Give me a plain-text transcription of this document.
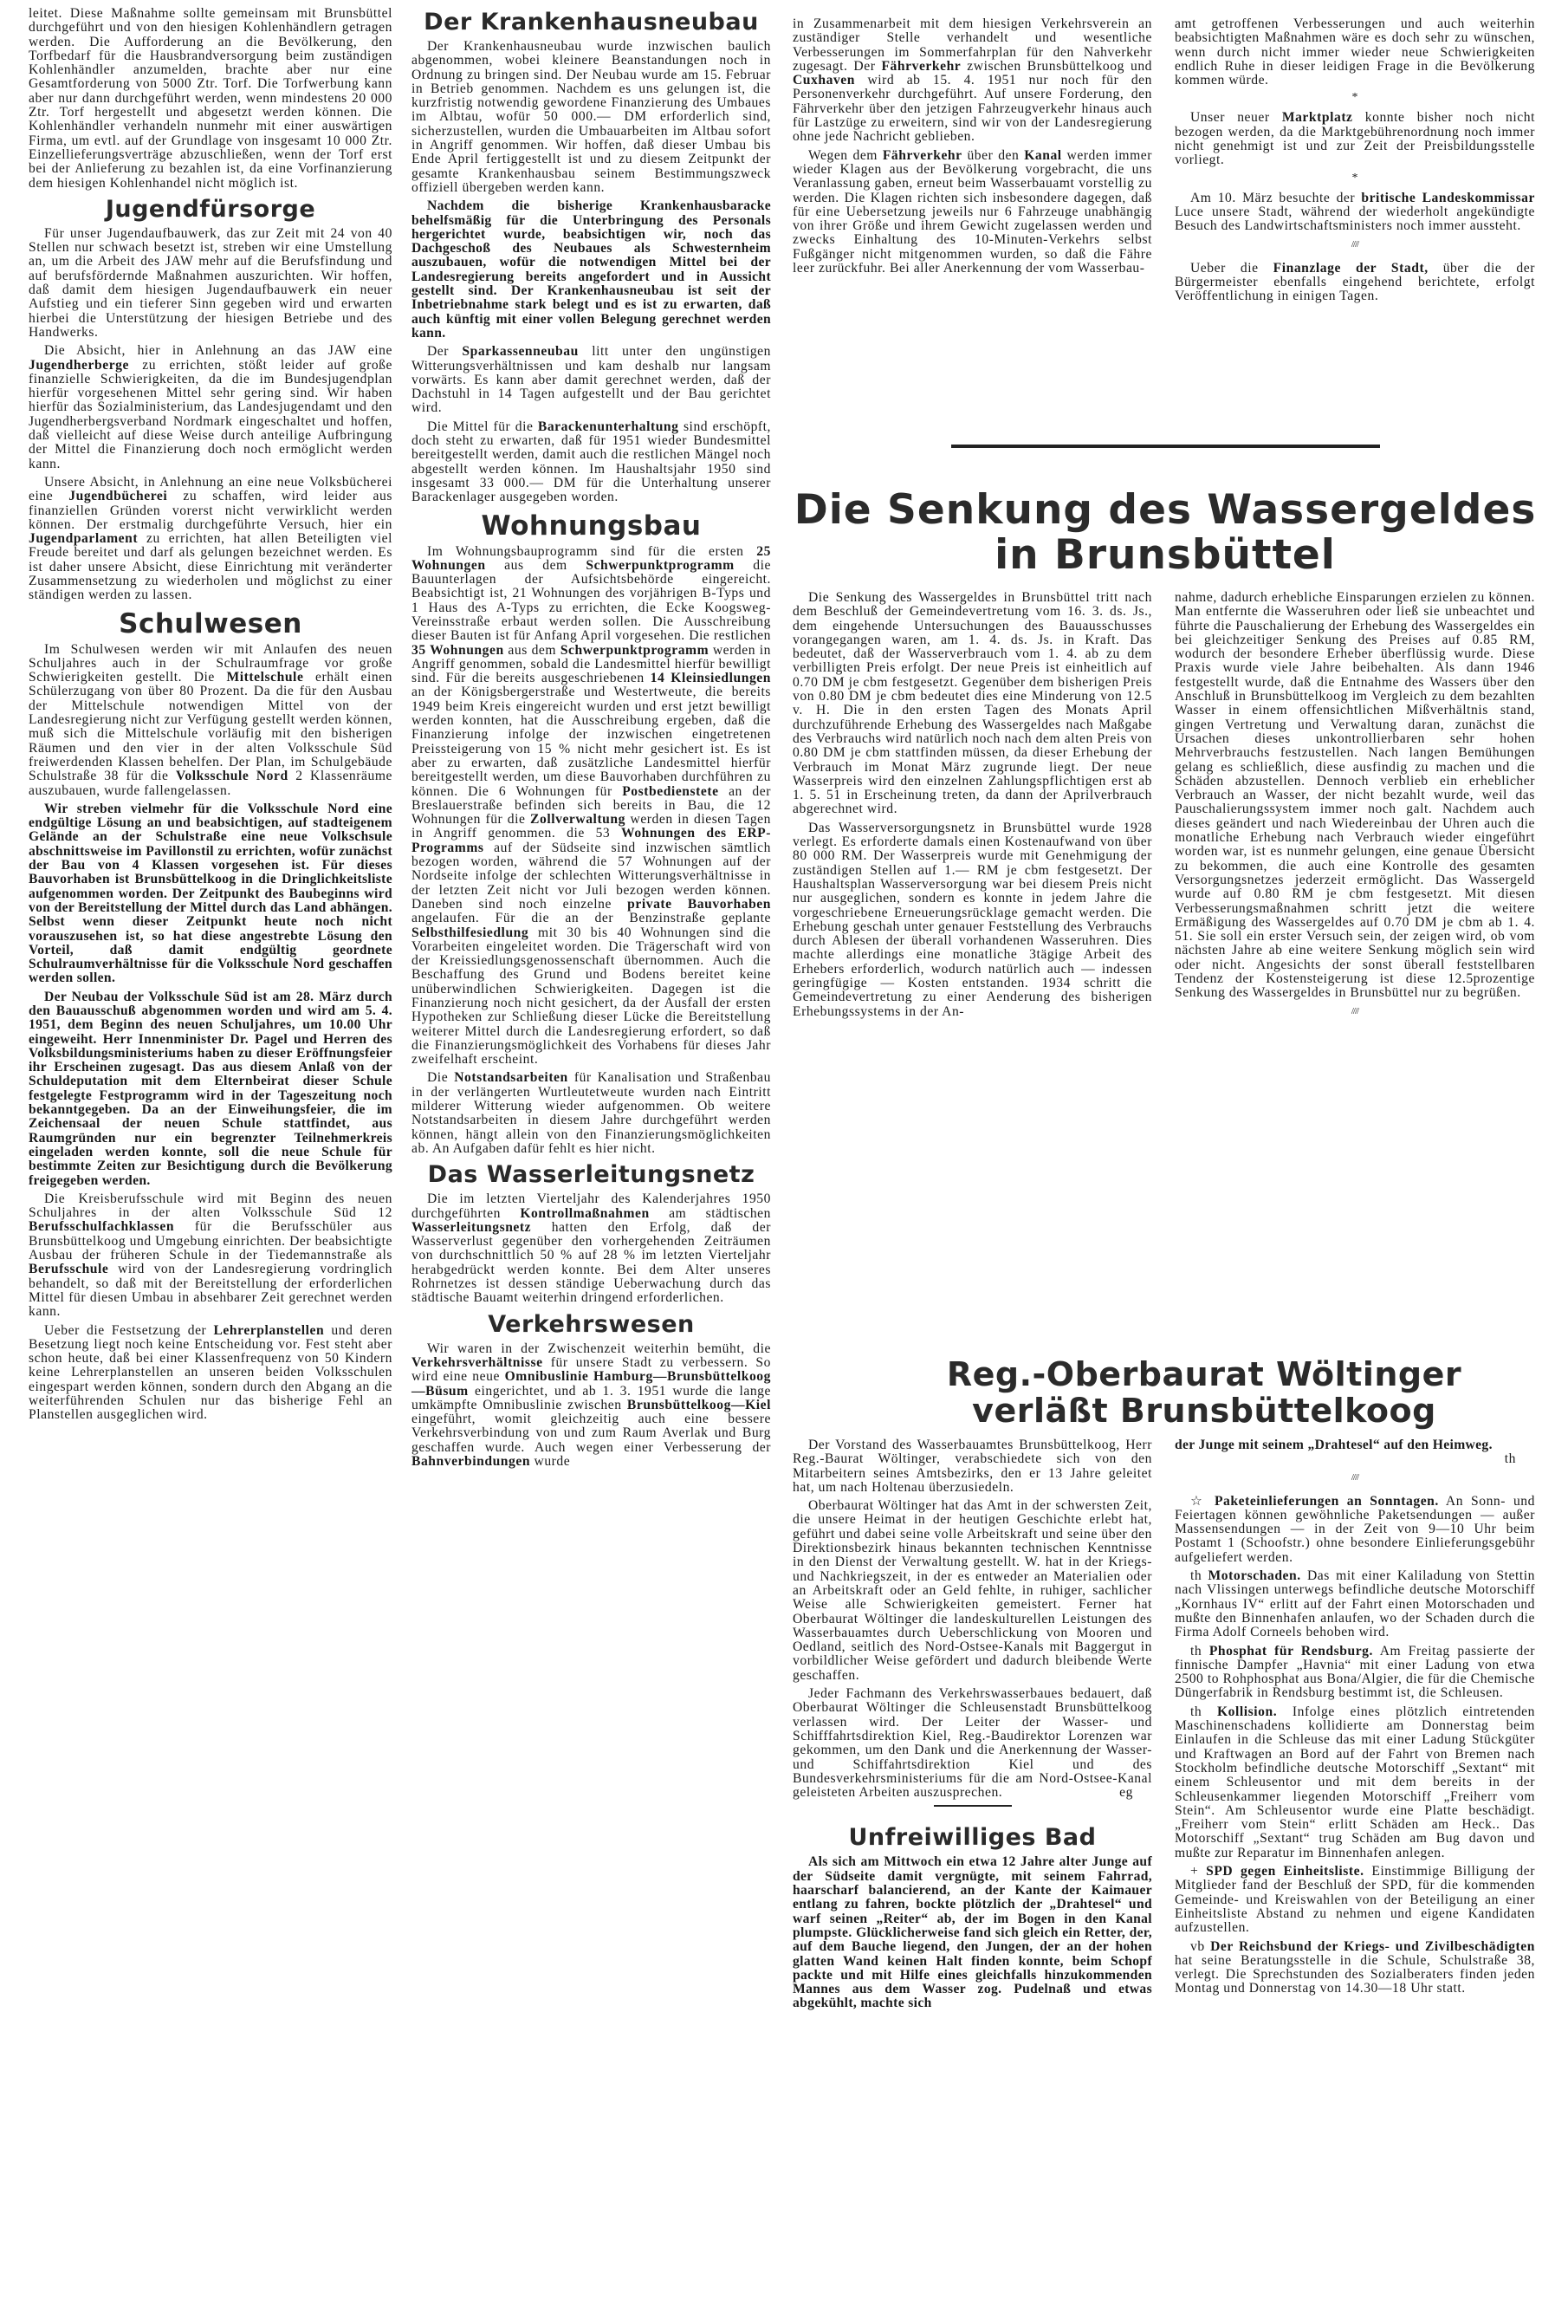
leitet. Diese Maßnahme sollte gemeinsam mit Brunsbüttel durchgeführt und von den hiesigen Kohlenhändlern getragen werden. Die Aufforderung an die Bevölkerung, den Torfbedarf für die Hausbrandversorgung beim zuständigen Kohlenhändler anzumelden, brachte aber nur eine Gesamtforderung von 5000 Ztr. Torf. Die Torfwerbung kann aber nur dann durchgeführt werden, wenn mindestens 20 000 Ztr. Torf hergestellt und abgesetzt werden können. Die Kohlenhändler verhandeln nunmehr mit einer auswärtigen Firma, um evtl. auf der Grundlage von insgesamt 10 000 Ztr. Einzellieferungsverträge abzuschließen, wenn der Torf erst bei der Anlieferung zu bezahlen ist, da eine Vorfinanzierung dem hiesigen Kohlenhandel nicht möglich ist.

Jugendfürsorge

Für unser Jugendaufbauwerk, das zur Zeit mit 24 von 40 Stellen nur schwach besetzt ist, streben wir eine Umstellung an, um die Arbeit des JAW mehr auf die Berufsfindung und auf berufsfördernde Maßnahmen auszurichten. Wir hoffen, daß damit dem hiesigen Jugendaufbauwerk ein neuer Aufstieg und ein tieferer Sinn gegeben wird und erwarten hierbei die Unterstützung der hiesigen Betriebe und des Handwerks.

Die Absicht, hier in Anlehnung an das JAW eine Jugendherberge zu errichten, stößt leider auf große finanzielle Schwierigkeiten, da die im Bundesjugendplan hierfür vorgesehenen Mittel sehr gering sind. Wir haben hierfür das Sozialministerium, das Landesjugendamt und den Jugendherbergsverband Nordmark eingeschaltet und hoffen, daß vielleicht auf diese Weise durch anteilige Aufbringung der Mittel die Finanzierung doch noch ermöglicht werden kann.

Unsere Absicht, in Anlehnung an eine neue Volksbücherei eine Jugendbücherei zu schaffen, wird leider aus finanziellen Gründen vorerst nicht verwirklicht werden können. Der erstmalig durchgeführte Versuch, hier ein Jugendparlament zu errichten, hat allen Beteiligten viel Freude bereitet und darf als gelungen bezeichnet werden. Es ist daher unsere Absicht, diese Einrichtung mit veränderter Zusammensetzung zu wiederholen und möglichst zu einer ständigen werden zu lassen.

Schulwesen

Im Schulwesen werden wir mit Anlaufen des neuen Schuljahres auch in der Schulraumfrage vor große Schwierigkeiten gestellt. Die Mittelschule erhält einen Schülerzugang von über 80 Prozent. Da die für den Ausbau der Mittelschule notwendigen Mittel von der Landesregierung nicht zur Verfügung gestellt werden können, muß sich die Mittelschule vorläufig mit den bisherigen Räumen und den vier in der alten Volksschule Süd freiwerdenden Klassen behelfen. Der Plan, im Schulgebäude Schulstraße 38 für die Volksschule Nord 2 Klassenräume auszubauen, wurde fallengelassen.

Wir streben vielmehr für die Volksschule Nord eine endgültige Lösung an und beabsichtigen, auf stadteigenem Gelände an der Schulstraße eine neue Volkschsule abschnittsweise im Pavillonstil zu errichten, wofür zunächst der Bau von 4 Klassen vorgesehen ist. Für dieses Bauvorhaben ist Brunsbüttelkoog in die Dringlichkeitsliste aufgenommen worden. Der Zeitpunkt des Baubeginns wird von der Bereitstellung der Mittel durch das Land abhängen. Selbst wenn dieser Zeitpunkt heute noch nicht vorauszusehen ist, so hat diese angestrebte Lösung den Vorteil, daß damit endgültig geordnete Schulraumverhältnisse für die Volksschule Nord geschaffen werden sollen.

Der Neubau der Volksschule Süd ist am 28. März durch den Bauausschuß abgenommen worden und wird am 5. 4. 1951, dem Beginn des neuen Schuljahres, um 10.00 Uhr eingeweiht. Herr Innenminister Dr. Pagel und Herren des Volksbildungsministeriums haben zu dieser Eröffnungsfeier ihr Erscheinen zugesagt. Das aus diesem Anlaß von der Schuldeputation mit dem Elternbeirat dieser Schule festgelegte Festprogramm wird in der Tageszeitung noch bekanntgegeben. Da an der Einweihungsfeier, die im Zeichensaal der neuen Schule stattfindet, aus Raumgründen nur ein begrenzter Teilnehmerkreis eingeladen werden konnte, soll die neue Schule für bestimmte Zeiten zur Besichtigung durch die Bevölkerung freigegeben werden.

Die Kreisberufsschule wird mit Beginn des neuen Schuljahres in der alten Volksschule Süd 12 Berufsschulfachklassen für die Berufsschüler aus Brunsbüttelkoog und Umgebung einrichten. Der beabsichtigte Ausbau der früheren Schule in der Tiedemannstraße als Berufsschule wird von der Landesregierung vordringlich behandelt, so daß mit der Bereitstellung der erforderlichen Mittel für diesen Umbau in absehbarer Zeit gerechnet werden kann.

Ueber die Festsetzung der Lehrerplanstellen und deren Besetzung liegt noch keine Entscheidung vor. Fest steht aber schon heute, daß bei einer Klassenfrequenz von 50 Kindern keine Lehrerplanstellen an unseren beiden Volksschulen eingespart werden können, sondern durch den Abgang an die weiterführenden Schulen nur das bisherige Fehl an Planstellen ausgeglichen wird.

Der Krankenhausneubau

Der Krankenhausneubau wurde inzwischen baulich abgenommen, wobei kleinere Beanstandungen noch in Ordnung zu bringen sind. Der Neubau wurde am 15. Februar in Betrieb genommen. Nachdem es uns gelungen ist, die kurzfristig notwendig gewordene Finanzierung des Umbaues im Albtau, wofür 50 000.— DM erforderlich sind, sicherzustellen, wurden die Umbauarbeiten im Altbau sofort in Angriff genommen. Wir hoffen, daß dieser Umbau bis Ende April fertiggestellt ist und zu diesem Zeitpunkt der gesamte Krankenhausbau seinem Bestimmungszweck offiziell übergeben werden kann.

Nachdem die bisherige Krankenhausbaracke behelfsmäßig für die Unterbringung des Personals hergerichtet wurde, beabsichtigen wir, noch das Dachgeschoß des Neubaues als Schwesternheim auszubauen, wofür die notwendigen Mittel bei der Landesregierung bereits angefordert und in Aussicht gestellt sind. Der Krankenhausneubau ist seit der Inbetriebnahme stark belegt und es ist zu erwarten, daß auch künftig mit einer vollen Belegung gerechnet werden kann.

Der Sparkassenneubau litt unter den ungünstigen Witterungsverhältnissen und kam deshalb nur langsam vorwärts. Es kann aber damit gerechnet werden, daß der Dachstuhl in 14 Tagen aufgestellt und der Bau gerichtet wird.

Die Mittel für die Barackenunterhaltung sind erschöpft, doch steht zu erwarten, daß für 1951 wieder Bundesmittel bereitgestellt werden, damit auch die restlichen Mängel noch abgestellt werden können. Im Haushaltsjahr 1950 sind insgesamt 33 000.— DM für die Unterhaltung unserer Barackenlager ausgegeben worden.

Wohnungsbau

Im Wohnungsbauprogramm sind für die ersten 25 Wohnungen aus dem Schwerpunktprogramm die Bauunterlagen der Aufsichtsbehörde eingereicht. Beabsichtigt ist, 21 Wohnungen des vorjährigen B-Typs und 1 Haus des A-Typs zu errichten, die Ecke Koogsweg-Vereinsstraße erbaut werden sollen. Die Ausschreibung dieser Bauten ist für Anfang April vorgesehen. Die restlichen 35 Wohnungen aus dem Schwerpunktprogramm werden in Angriff genommen, sobald die Landesmittel hierfür bewilligt sind. Für die bereits ausgeschriebenen 14 Kleinsiedlungen an der Königsbergerstraße und Westertweute, die bereits 1949 beim Kreis eingereicht wurden und erst jetzt bewilligt werden konnten, hat die Ausschreibung ergeben, daß die Finanzierung infolge der inzwischen eingetretenen Preissteigerung von 15 % nicht mehr gesichert ist. Es ist aber zu erwarten, daß zusätzliche Landesmittel hierfür bereitgestellt werden, um diese Bauvorhaben durchführen zu können. Die 6 Wohnungen für Postbedienstete an der Breslauerstraße befinden sich bereits in Bau, die 12 Wohnungen für die Zollverwaltung werden in diesen Tagen in Angriff genommen. die 53 Wohnungen des ERP-Programms auf der Südseite sind inzwischen sämtlich bezogen worden, während die 57 Wohnungen auf der Nordseite infolge der schlechten Witterungsverhältnisse in der letzten Zeit nicht vor Juli bezogen werden können. Daneben sind noch einzelne private Bauvorhaben angelaufen. Für die an der Benzinstraße geplante Selbsthilfesiedlung mit 30 bis 40 Wohnungen sind die Vorarbeiten eingeleitet worden. Die Trägerschaft wird von der Kreissiedlungsgenossenschaft übernommen. Auch die Beschaffung des Grund und Bodens bereitet keine unüberwindlichen Schwierigkeiten. Dagegen ist die Finanzierung noch nicht gesichert, da der Ausfall der ersten Hypotheken zur Schließung dieser Lücke die Bereitstellung weiterer Mittel durch die Landesregierung erfordert, so daß die Finanzierungsmöglichkeit des Vorhabens für dieses Jahr zweifelhaft erscheint.

Die Notstandsarbeiten für Kanalisation und Straßenbau in der verlängerten Wurtleutetweute wurden nach Eintritt milderer Witterung wieder aufgenommen. Ob weitere Notstandsarbeiten in diesem Jahre durchgeführt werden können, hängt allein von den Finanzierungsmöglichkeiten ab. An Aufgaben dafür fehlt es hier nicht.

Das Wasserleitungsnetz

Die im letzten Vierteljahr des Kalenderjahres 1950 durchgeführten Kontrollmaßnahmen am städtischen Wasserleitungsnetz hatten den Erfolg, daß der Wasserverlust gegenüber den vorhergehenden Zeiträumen von durchschnittlich 50 % auf 28 % im letzten Vierteljahr herabgedrückt werden konnte. Bei dem Alter unseres Rohrnetzes ist dessen ständige Ueberwachung durch das städtische Bauamt weiterhin dringend erforderlichen.

Verkehrswesen

Wir waren in der Zwischenzeit weiterhin bemüht, die Verkehrsverhältnisse für unsere Stadt zu verbessern. So wird eine neue Omnibuslinie Hamburg—Brunsbüttelkoog—Büsum eingerichtet, und ab 1. 3. 1951 wurde die lange umkämpfte Omnibuslinie zwischen Brunsbüttelkoog—Kiel eingeführt, womit gleichzeitig auch eine bessere Verkehrsverbindung von und zum Raum Averlak und Burg geschaffen wurde. Auch wegen einer Verbesserung der Bahnverbindungen wurde

in Zusammenarbeit mit dem hiesigen Verkehrsverein an zuständiger Stelle verhandelt und wesentliche Verbesserungen im Sommerfahrplan für den Nahverkehr zugesagt. Der Fährverkehr zwischen Brunsbüttelkoog und Cuxhaven wird ab 15. 4. 1951 nur noch für den Personenverkehr durchgeführt. Auf unsere Forderung, den Fährverkehr über den jetzigen Fahrzeugverkehr hinaus auch für Lastzüge zu erweitern, sind wir von der Landesregierung ohne jede Nachricht geblieben.

Wegen dem Fährverkehr über den Kanal werden immer wieder Klagen aus der Bevölkerung vorgebracht, die uns Veranlassung gaben, erneut beim Wasserbauamt vorstellig zu werden. Die Klagen richten sich insbesondere dagegen, daß für eine Uebersetzung jeweils nur 6 Fahrzeuge unabhängig von ihrer Größe und ihrem Gewicht zugelassen werden und zwecks Einhaltung des 10-Minuten-Verkehrs selbst Fußgänger nicht mitgenommen wurden, so daß die Fähre leer zurückfuhr. Bei aller Anerkennung der vom Wasserbau-

amt getroffenen Verbesserungen und auch weiterhin beabsichtigten Maßnahmen wäre es doch sehr zu wünschen, wenn durch nicht immer wieder neue Schwierigkeiten endlich Ruhe in dieser leidigen Frage in die Bevölkerung kommen würde.

*

Unser neuer Marktplatz konnte bisher noch nicht bezogen werden, da die Marktgebührenordnung noch immer nicht genehmigt ist und zur Zeit der Preisbildungsstelle vorliegt.

*

Am 10. März besuchte der britische Landeskommissar Luce unsere Stadt, während der wiederholt angekündigte Besuch des Landwirtschaftsministers noch immer aussteht.

////

Ueber die Finanzlage der Stadt, über die der Bürgermeister ebenfalls eingehend berichtete, erfolgt Veröffentlichung in einigen Tagen.

Die Senkung des Wassergeldes
in Brunsbüttel

Die Senkung des Wassergeldes in Brunsbüttel tritt nach dem Beschluß der Gemeindevertretung vom 16. 3. ds. Js., dem eingehende Untersuchungen des Bauausschusses vorangegangen waren, am 1. 4. ds. Js. in Kraft. Das bedeutet, daß der Wasserverbrauch vom 1. 4. ab zu dem verbilligten Preis erfolgt. Der neue Preis ist einheitlich auf 0.70 DM je cbm festgesetzt. Gegenüber dem bisherigen Preis von 0.80 DM je cbm bedeutet dies eine Minderung von 12.5 v. H. Die in den ersten Tagen des Monats April durchzuführende Erhebung des Wassergeldes nach Maßgabe des Verbrauchs wird natürlich noch nach dem alten Preis von 0.80 DM je cbm stattfinden müssen, da dieser Erhebung der Verbrauch im Monat März zugrunde liegt. Der neue Wasserpreis wird den einzelnen Zahlungspflichtigen erst ab 1. 5. 51 in Erscheinung treten, da dann der Aprilverbrauch abgerechnet wird.

Das Wasserversorgungsnetz in Brunsbüttel wurde 1928 verlegt. Es erforderte damals einen Kostenaufwand von über 80 000 RM. Der Wasserpreis wurde mit Genehmigung der zuständigen Stellen auf 1.— RM je cbm festgesetzt. Der Haushaltsplan Wasserversorgung war bei diesem Preis nicht nur ausgeglichen, sondern es konnte in jedem Jahre die vorgeschriebene Erneuerungsrücklage gemacht werden. Die Erhebung geschah unter genauer Feststellung des Verbrauchs durch Ablesen der überall vorhandenen Wasseruhren. Dies machte allerdings eine monatliche 3tägige Arbeit des Erhebers erforderlich, wodurch natürlich auch — indessen geringfügige — Kosten entstanden. 1934 schritt die Gemeindevertretung zu einer Aenderung des bisherigen Erhebungssystems in der An-

nahme, dadurch erhebliche Einsparungen erzielen zu können. Man entfernte die Wasseruhren oder ließ sie unbeachtet und führte die Pauschalierung der Erhebung des Wassergeldes ein bei gleichzeitiger Senkung des Preises auf 0.85 RM, wodurch der besondere Erheber überflüssig wurde. Diese Praxis wurde viele Jahre beibehalten. Als dann 1946 festgestellt wurde, daß die Entnahme des Wassers über den Anschluß in Brunsbüttelkoog im Vergleich zu dem bezahlten Wasser in einem offensichtlichen Mißverhältnis stand, gingen Vertretung und Verwaltung daran, zunächst die Ursachen dieses unkontrollierbaren sehr hohen Mehrverbrauchs festzustellen. Nach langen Bemühungen gelang es schließlich, diese ausfindig zu machen und die Schäden abzustellen. Dennoch verblieb ein erheblicher Verbrauch an Wasser, der nicht bezahlt wurde, weil das Pauschalierungssystem immer noch galt. Nachdem auch dieses geändert und nach Wiedereinbau der Uhren auch die monatliche Erhebung nach Verbrauch wieder eingeführt worden war, ist es nunmehr gelungen, eine genaue Übersicht zu bekommen, die auch eine Kontrolle des gesamten Versorgungsnetzes jederzeit ermöglicht. Das Wassergeld wurde auf 0.80 RM je cbm festgesetzt. Mit diesen Verbesserungsmaßnahmen schritt jetzt die weitere Ermäßigung des Wassergeldes auf 0.70 DM je cbm ab 1. 4. 51. Sie soll ein erster Versuch sein, der zeigen wird, ob vom nächsten Jahre ab eine weitere Senkung möglich sein wird oder nicht. Angesichts der sonst überall feststellbaren Tendenz der Kostensteigerung ist diese 12.5prozentige Senkung des Wassergeldes in Brunsbüttel nur zu begrüßen.

////
Reg.-Oberbaurat Wöltinger
verläßt Brunsbüttelkoog

Der Vorstand des Wasserbauamtes Brunsbüttelkoog, Herr Reg.-Baurat Wöltinger, verabschiedete sich von den Mitarbeitern seines Amtsbezirks, den er 13 Jahre geleitet hat, um nach Holtenau überzusiedeln.

Oberbaurat Wöltinger hat das Amt in der schwersten Zeit, die unsere Heimat in der heutigen Geschichte erlebt hat, geführt und dabei seine volle Arbeitskraft und seine über den Direktionsbezirk hinaus bekannten technischen Kenntnisse in den Dienst der Verwaltung gestellt. W. hat in der Kriegs- und Nachkriegszeit, in der es entweder an Materialien oder an Arbeitskraft oder an Geld fehlte, in ruhiger, sachlicher Weise alle Schwierigkeiten gemeistert. Ferner hat Oberbaurat Wöltinger die landeskulturellen Leistungen des Wasserbauamtes durch Ueberschlickung von Mooren und Oedland, seitlich des Nord-Ostsee-Kanals mit Baggergut in vorbildlicher Weise gefördert und dadurch bleibende Werte geschaffen.

Jeder Fachmann des Verkehrswasserbaues bedauert, daß Oberbaurat Wöltinger die Schleusenstadt Brunsbüttelkoog verlassen wird. Der Leiter der Wasser- und Schifffahrtsdirektion Kiel, Reg.-Baudirektor Lorenzen war gekommen, um den Dank und die Anerkennung der Wasser- und Schiffahrtsdirektion Kiel und des Bundesverkehrsministeriums für die am Nord-Ostsee-Kanal geleisteten Arbeiten auszusprechen.	eg

Unfreiwilliges Bad

Als sich am Mittwoch ein etwa 12 Jahre alter Junge auf der Südseite damit vergnügte, mit seinem Fahrrad, haarscharf balancierend, an der Kante der Kaimauer entlang zu fahren, bockte plötzlich der „Drahtesel“ und warf seinen „Reiter“ ab, der im Bogen in den Kanal plumpste. Glücklicherweise fand sich gleich ein Retter, der, auf dem Bauche liegend, den Jungen, der an der hohen glatten Wand keinen Halt finden konnte, beim Schopf packte und mit Hilfe eines gleichfalls hinzukommenden Mannes aus dem Wasser zog. Pudelnaß und etwas abgekühlt, machte sich

der Junge mit seinem „Drahtesel“ auf den Heimweg.

th

////

☆ Paketeinlieferungen an Sonntagen. An Sonn- und Feiertagen können gewöhnliche Paketsendungen — außer Massensendungen — in der Zeit von 9—10 Uhr beim Postamt 1 (Schoofstr.) ohne besondere Einlieferungsgebühr aufgeliefert werden.

th Motorschaden. Das mit einer Kaliladung von Stettin nach Vlissingen unterwegs befindliche deutsche Motorschiff „Kornhaus IV“ erlitt auf der Fahrt einen Motorschaden und mußte den Binnenhafen anlaufen, wo der Schaden durch die Firma Adolf Corneels behoben wird.

th Phosphat für Rendsburg. Am Freitag passierte der finnische Dampfer „Havnia“ mit einer Ladung von etwa 2500 to Rohphosphat aus Bona/Algier, die für die Chemische Düngerfabrik in Rendsburg bestimmt ist, die Schleusen.

th Kollision. Infolge eines plötzlich eintretenden Maschinenschadens kollidierte am Donnerstag beim Einlaufen in die Schleuse das mit einer Ladung Stückgüter und Kraftwagen an Bord auf der Fahrt von Bremen nach Stockholm befindliche deutsche Motorschiff „Sextant“ mit einem Schleusentor und mit dem bereits in der Schleusenkammer liegenden Motorschiff „Freiherr vom Stein“. Am Schleusentor wurde eine Platte beschädigt. „Freiherr vom Stein“ erlitt Schäden am Heck.. Das Motorschiff „Sextant“ trug Schäden am Bug davon und mußte zur Reparatur im Binnenhafen anlegen.

+ SPD gegen Einheitsliste. Einstimmige Billigung der Mitglieder fand der Beschluß der SPD, für die kommenden Gemeinde- und Kreiswahlen von der Beteiligung an einer Einheitsliste Abstand zu nehmen und eigene Kandidaten aufzustellen.

vb Der Reichsbund der Kriegs- und Zivilbeschädigten hat seine Beratungsstelle in die Schule, Schulstraße 38, verlegt. Die Sprechstunden des Sozialberaters finden jeden Montag und Donnerstag von 14.30—18 Uhr statt.
